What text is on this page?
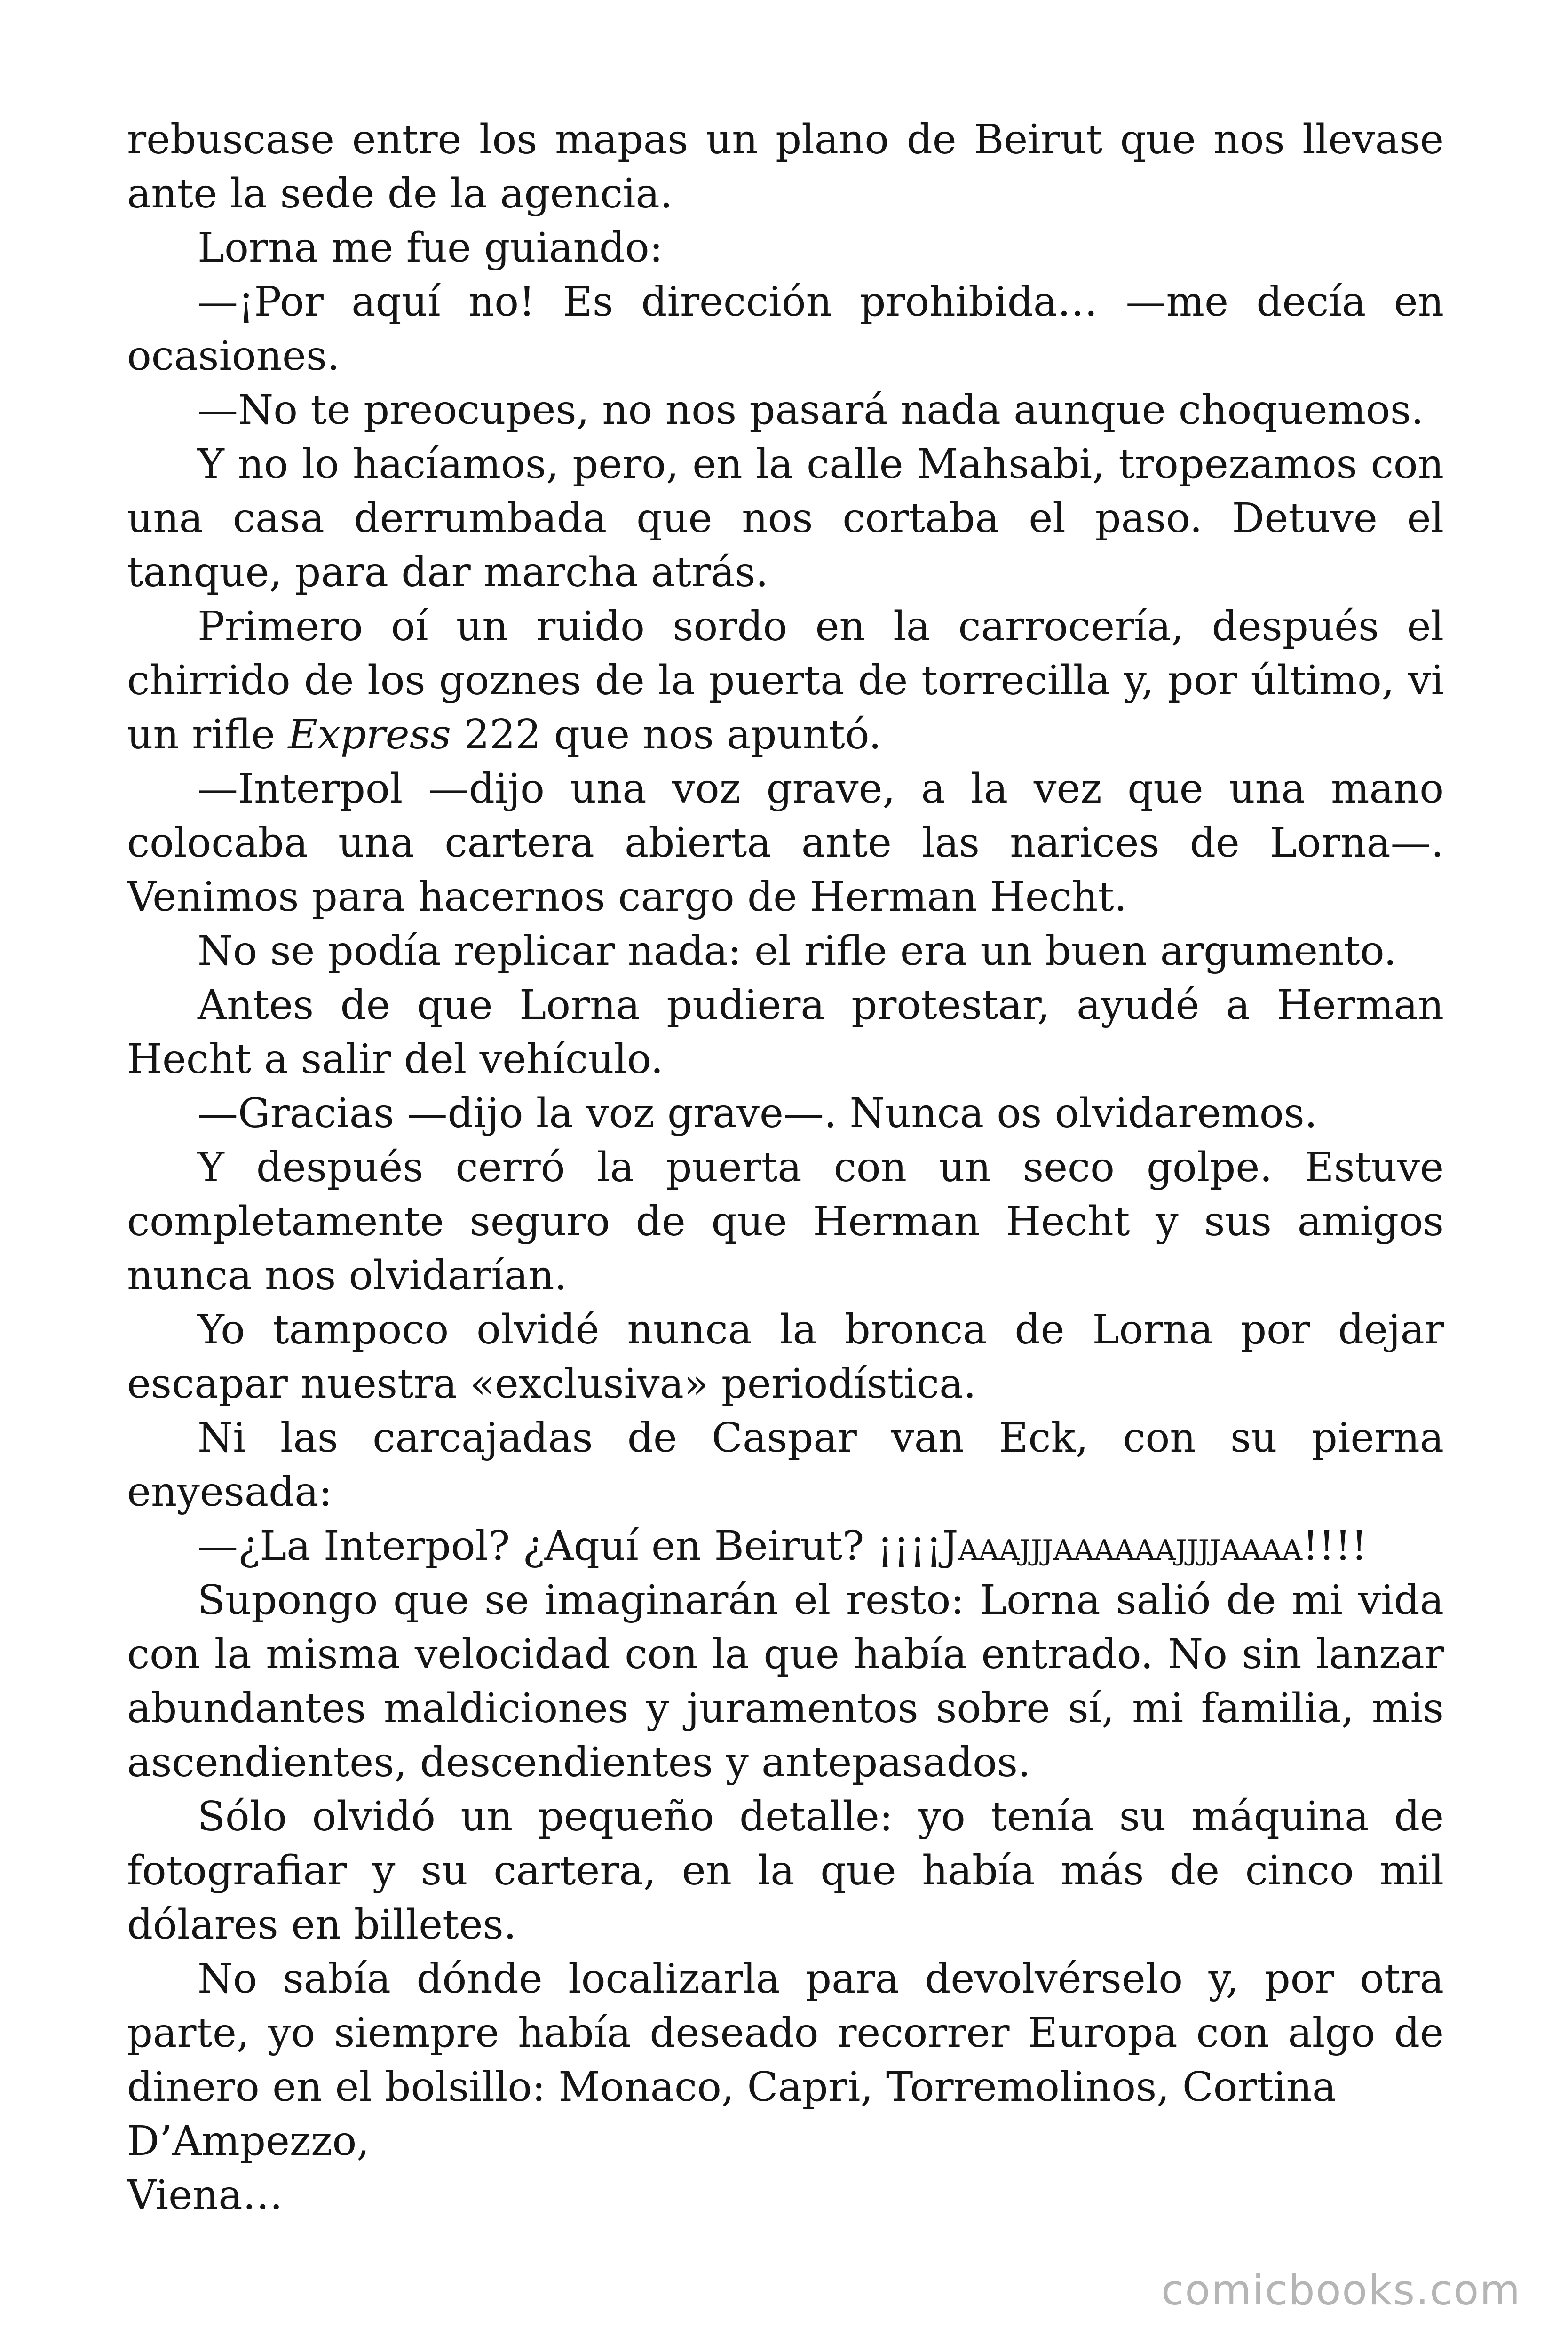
rebuscase entre los mapas un plano de Beirut que nos llevase ante la sede de la agencia.

Lorna me fue guiando:

—¡Por aquí no! Es dirección prohibida… —me decía en ocasiones.

—No te preocupes, no nos pasará nada aunque choquemos.

Y no lo hacíamos, pero, en la calle Mahsabi, tropezamos con una casa derrumbada que nos cortaba el paso. Detuve el tanque, para dar marcha atrás.

Primero oí un ruido sordo en la carrocería, después el chirrido de los goznes de la puerta de torrecilla y, por último, vi un rifle Express 222 que nos apuntó.

—Interpol —dijo una voz grave, a la vez que una mano colocaba una cartera abierta ante las narices de Lorna—. Venimos para hacernos cargo de Herman Hecht.

No se podía replicar nada: el rifle era un buen argumento.

Antes de que Lorna pudiera protestar, ayudé a Herman Hecht a salir del vehículo.

—Gracias —dijo la voz grave—. Nunca os olvidaremos.

Y después cerró la puerta con un seco golpe. Estuve completamente seguro de que Herman Hecht y sus amigos nunca nos olvidarían.

Yo tampoco olvidé nunca la bronca de Lorna por dejar escapar nuestra «exclusiva» periodística.

Ni las carcajadas de Caspar van Eck, con su pierna enyesada:

—¿La Interpol? ¿Aquí en Beirut? ¡¡¡¡Jaaajjjaaaaaajjjjaaaa!!!!

Supongo que se imaginarán el resto: Lorna salió de mi vida con la misma velocidad con la que había entrado. No sin lanzar abundantes maldiciones y juramentos sobre sí, mi familia, mis ascendientes, descendientes y antepasados.

Sólo olvidó un pequeño detalle: yo tenía su máquina de fotografiar y su cartera, en la que había más de cinco mil dólares en billetes.

No sabía dónde localizarla para devolvérselo y, por otra parte, yo siempre había deseado recorrer Europa con algo de dinero en el bolsillo: Monaco, Capri, Torremolinos, Cortina

D’Ampezzo,

Viena…

comicbooks.com
